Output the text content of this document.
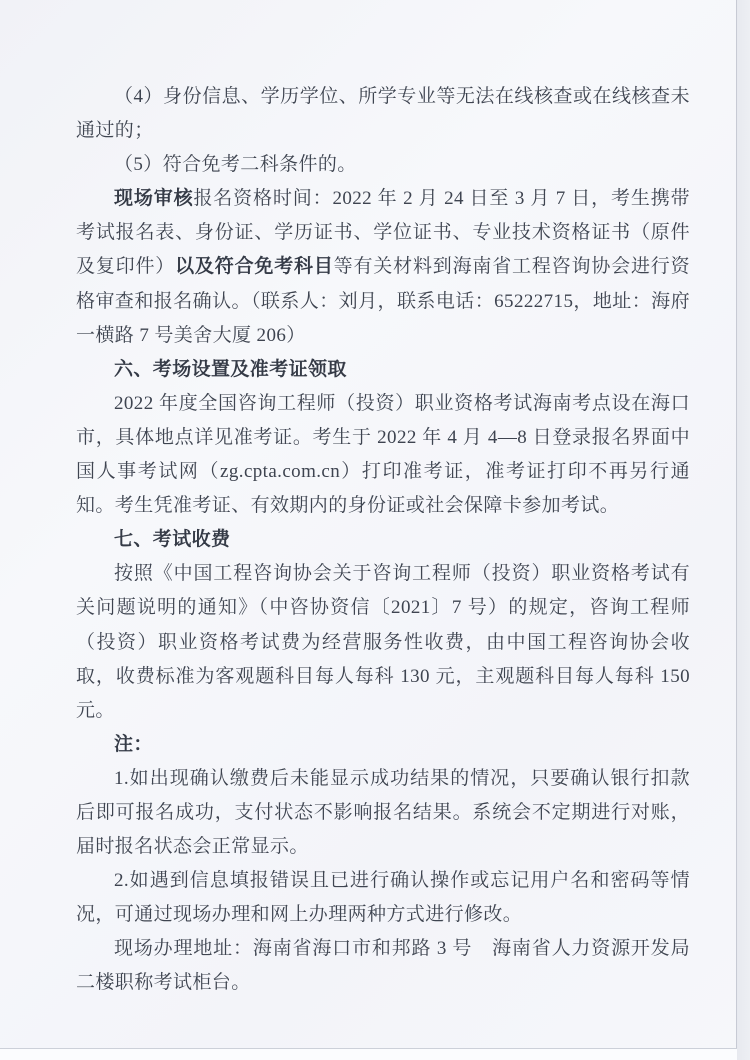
（4）身份信息、学历学位、所学专业等无法在线核查或在线核查未通过的；

（5）符合免考二科条件的。

现场审核报名资格时间：2022 年 2 月 24 日至 3 月 7 日，考生携带考试报名表、身份证、学历证书、学位证书、专业技术资格证书（原件及复印件）以及符合免考科目等有关材料到海南省工程咨询协会进行资格审查和报名确认。（联系人：刘月，联系电话：65222715，地址：海府一横路 7 号美舍大厦 206）

六、考场设置及准考证领取

2022 年度全国咨询工程师（投资）职业资格考试海南考点设在海口市，具体地点详见准考证。考生于 2022 年 4 月 4—8 日登录报名界面中国人事考试网（zg.cpta.com.cn）打印准考证，准考证打印不再另行通知。考生凭准考证、有效期内的身份证或社会保障卡参加考试。

七、考试收费

按照《中国工程咨询协会关于咨询工程师（投资）职业资格考试有关问题说明的通知》（中咨协资信〔2021〕7 号）的规定，咨询工程师（投资）职业资格考试费为经营服务性收费，由中国工程咨询协会收取，收费标准为客观题科目每人每科 130 元，主观题科目每人每科 150 元。

注：

1.如出现确认缴费后未能显示成功结果的情况，只要确认银行扣款后即可报名成功，支付状态不影响报名结果。系统会不定期进行对账，届时报名状态会正常显示。

2.如遇到信息填报错误且已进行确认操作或忘记用户名和密码等情况，可通过现场办理和网上办理两种方式进行修改。

现场办理地址：海南省海口市和邦路 3 号　海南省人力资源开发局二楼职称考试柜台。
